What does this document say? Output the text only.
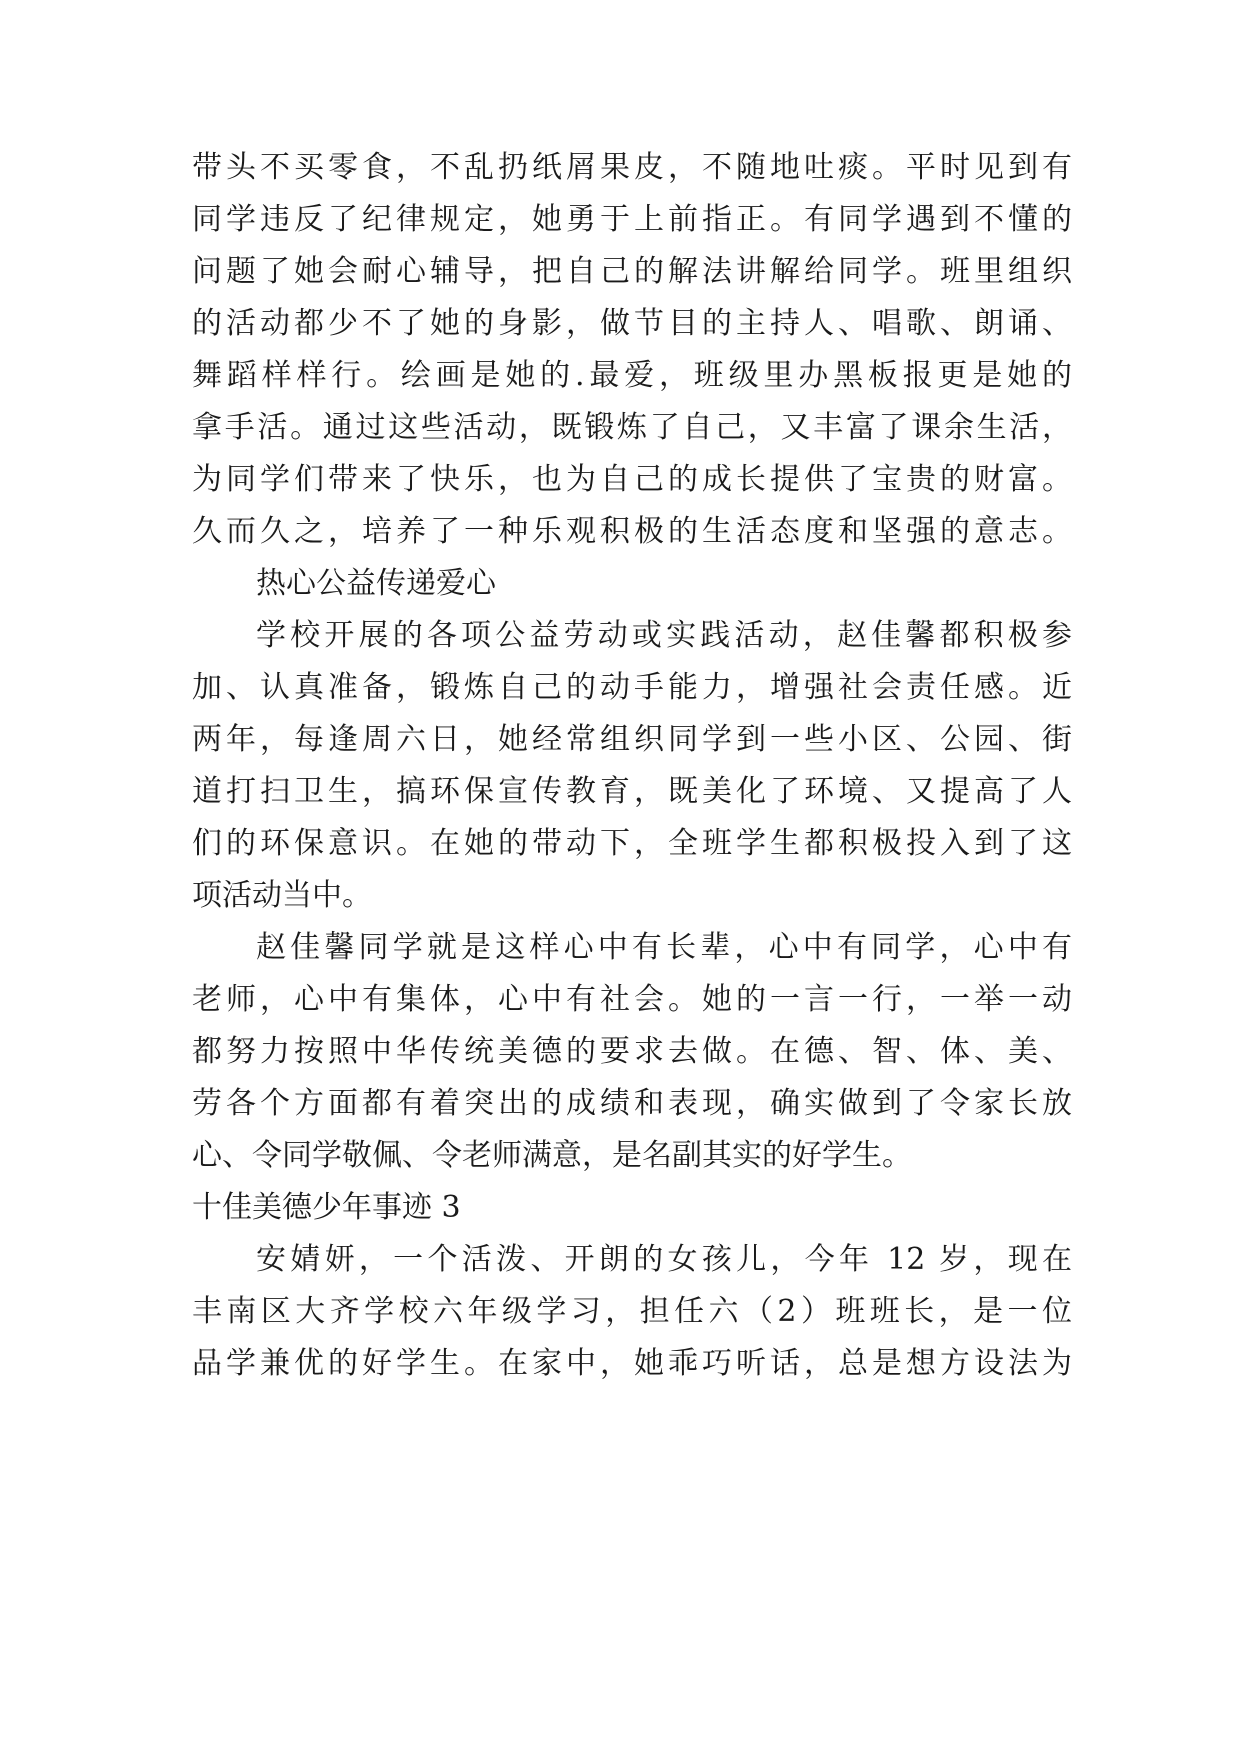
带头不买零食，不乱扔纸屑果皮，不随地吐痰。平时见到有
同学违反了纪律规定，她勇于上前指正。有同学遇到不懂的
问题了她会耐心辅导，把自己的解法讲解给同学。班里组织
的活动都少不了她的身影，做节目的主持人、唱歌、朗诵、
舞蹈样样行。绘画是她的.最爱，班级里办黑板报更是她的
拿手活。通过这些活动，既锻炼了自己，又丰富了课余生活，
为同学们带来了快乐，也为自己的成长提供了宝贵的财富。
久而久之，培养了一种乐观积极的生活态度和坚强的意志。
热心公益传递爱心
学校开展的各项公益劳动或实践活动，赵佳馨都积极参
加、认真准备，锻炼自己的动手能力，增强社会责任感。近
两年，每逢周六日，她经常组织同学到一些小区、公园、街
道打扫卫生，搞环保宣传教育，既美化了环境、又提高了人
们的环保意识。在她的带动下，全班学生都积极投入到了这
项活动当中。
赵佳馨同学就是这样心中有长辈，心中有同学，心中有
老师，心中有集体，心中有社会。她的一言一行，一举一动
都努力按照中华传统美德的要求去做。在德、智、体、美、
劳各个方面都有着突出的成绩和表现，确实做到了令家长放
心、令同学敬佩、令老师满意，是名副其实的好学生。
十佳美德少年事迹 3
安婧妍，一个活泼、开朗的女孩儿，今年 12 岁，现在
丰南区大齐学校六年级学习，担任六（2）班班长，是一位
品学兼优的好学生。在家中，她乖巧听话，总是想方设法为
